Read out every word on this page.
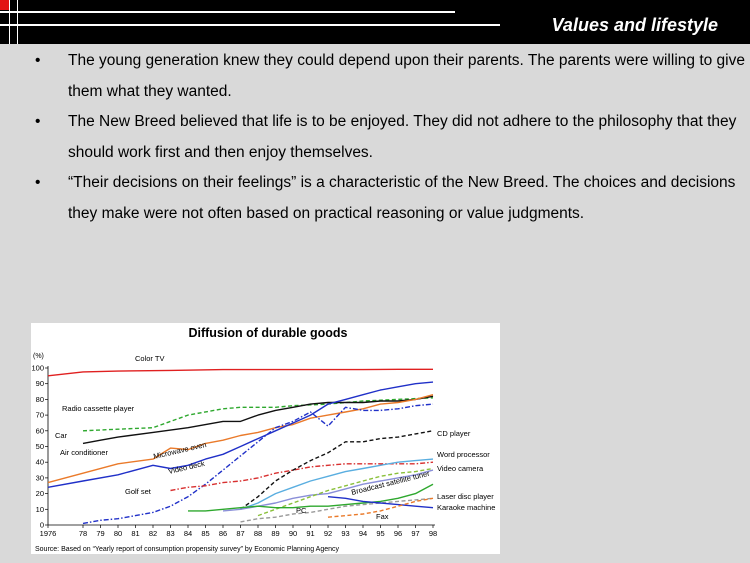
Values and lifestyle
• The young generation knew they could depend upon their parents. The parents were willing to give them what they wanted.
• The New Breed believed that life is to be enjoyed. They did not adhere to the philosophy that they should work first and then enjoy themselves.
• “Their decisions on their feelings” is a characteristic of the New Breed. The choices and decisions they make were not often based on practical reasoning or value judgments.
Diffusion of durable goods
(%)
Source: Based on “Yearly report of consumption propensity survey” by Economic Planning Agency
0
10
20
30
40
50
60
70
80
90
100
1976	78 79 80 81 82 83 84 85 86 87 88 89 90 91 92 93 94 95 96 97 98
Color TV
Radio cassette player
Car
Air conditioner	Microwave oven
Video deck
Golf set
CD player
Word processor
Video camera
Broadcast satellite tuner Laser disc player
PC	Karaoke machine
Fax
